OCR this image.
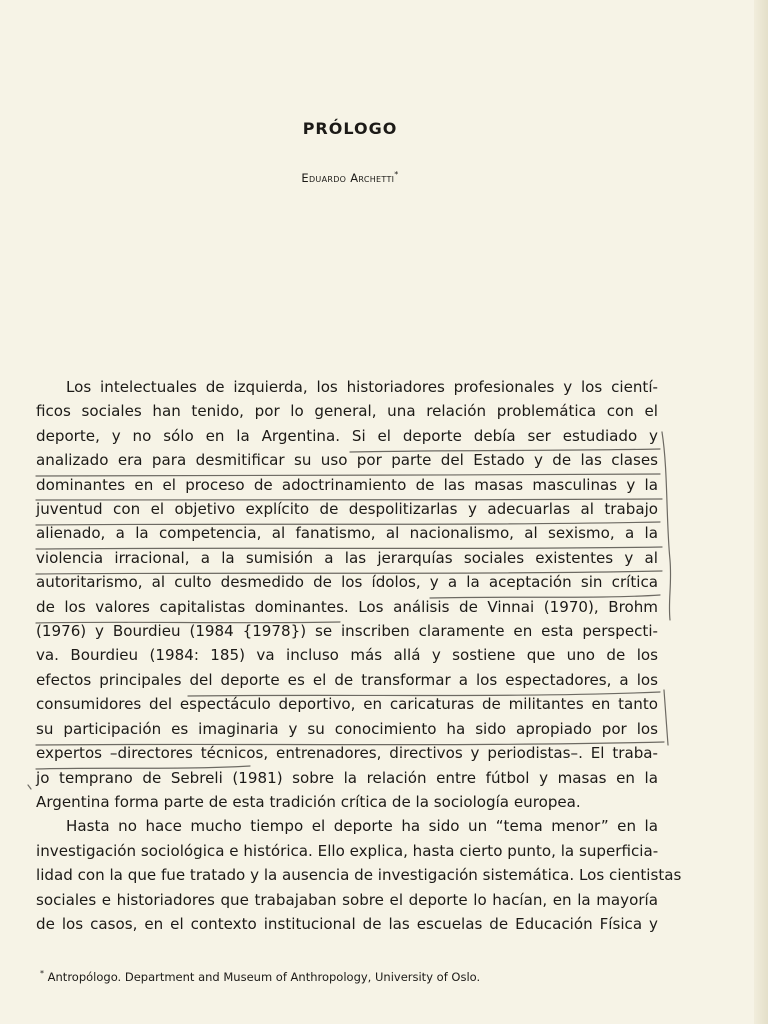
PRÓLOGO
Eduardo Archetti*
Los intelectuales de izquierda, los historiadores profesionales y los cientí-
ficos sociales han tenido, por lo general, una relación problemática con el
deporte, y no sólo en la Argentina. Si el deporte debía ser estudiado y
analizado era para desmitificar su uso por parte del Estado y de las clases
dominantes en el proceso de adoctrinamiento de las masas masculinas y la
juventud con el objetivo explícito de despolitizarlas y adecuarlas al trabajo
alienado, a la competencia, al fanatismo, al nacionalismo, al sexismo, a la
violencia irracional, a la sumisión a las jerarquías sociales existentes y al
autoritarismo, al culto desmedido de los ídolos, y a la aceptación sin crítica
de los valores capitalistas dominantes. Los análisis de Vinnai (1970), Brohm
(1976) y Bourdieu (1984 {1978}) se inscriben claramente en esta perspecti-
va. Bourdieu (1984: 185) va incluso más allá y sostiene que uno de los
efectos principales del deporte es el de transformar a los espectadores, a los
consumidores del espectáculo deportivo, en caricaturas de militantes en tanto
su participación es imaginaria y su conocimiento ha sido apropiado por los
expertos –directores técnicos, entrenadores, directivos y periodistas–. El traba-
jo temprano de Sebreli (1981) sobre la relación entre fútbol y masas en la
Argentina forma parte de esta tradición crítica de la sociología europea.
Hasta no hace mucho tiempo el deporte ha sido un “tema menor” en la
investigación sociológica e histórica. Ello explica, hasta cierto punto, la superficia-
lidad con la que fue tratado y la ausencia de investigación sistemática. Los cientistas
sociales e historiadores que trabajaban sobre el deporte lo hacían, en la mayoría
de los casos, en el contexto institucional de las escuelas de Educación Física y
* Antropólogo. Department and Museum of Anthropology, University of Oslo.
